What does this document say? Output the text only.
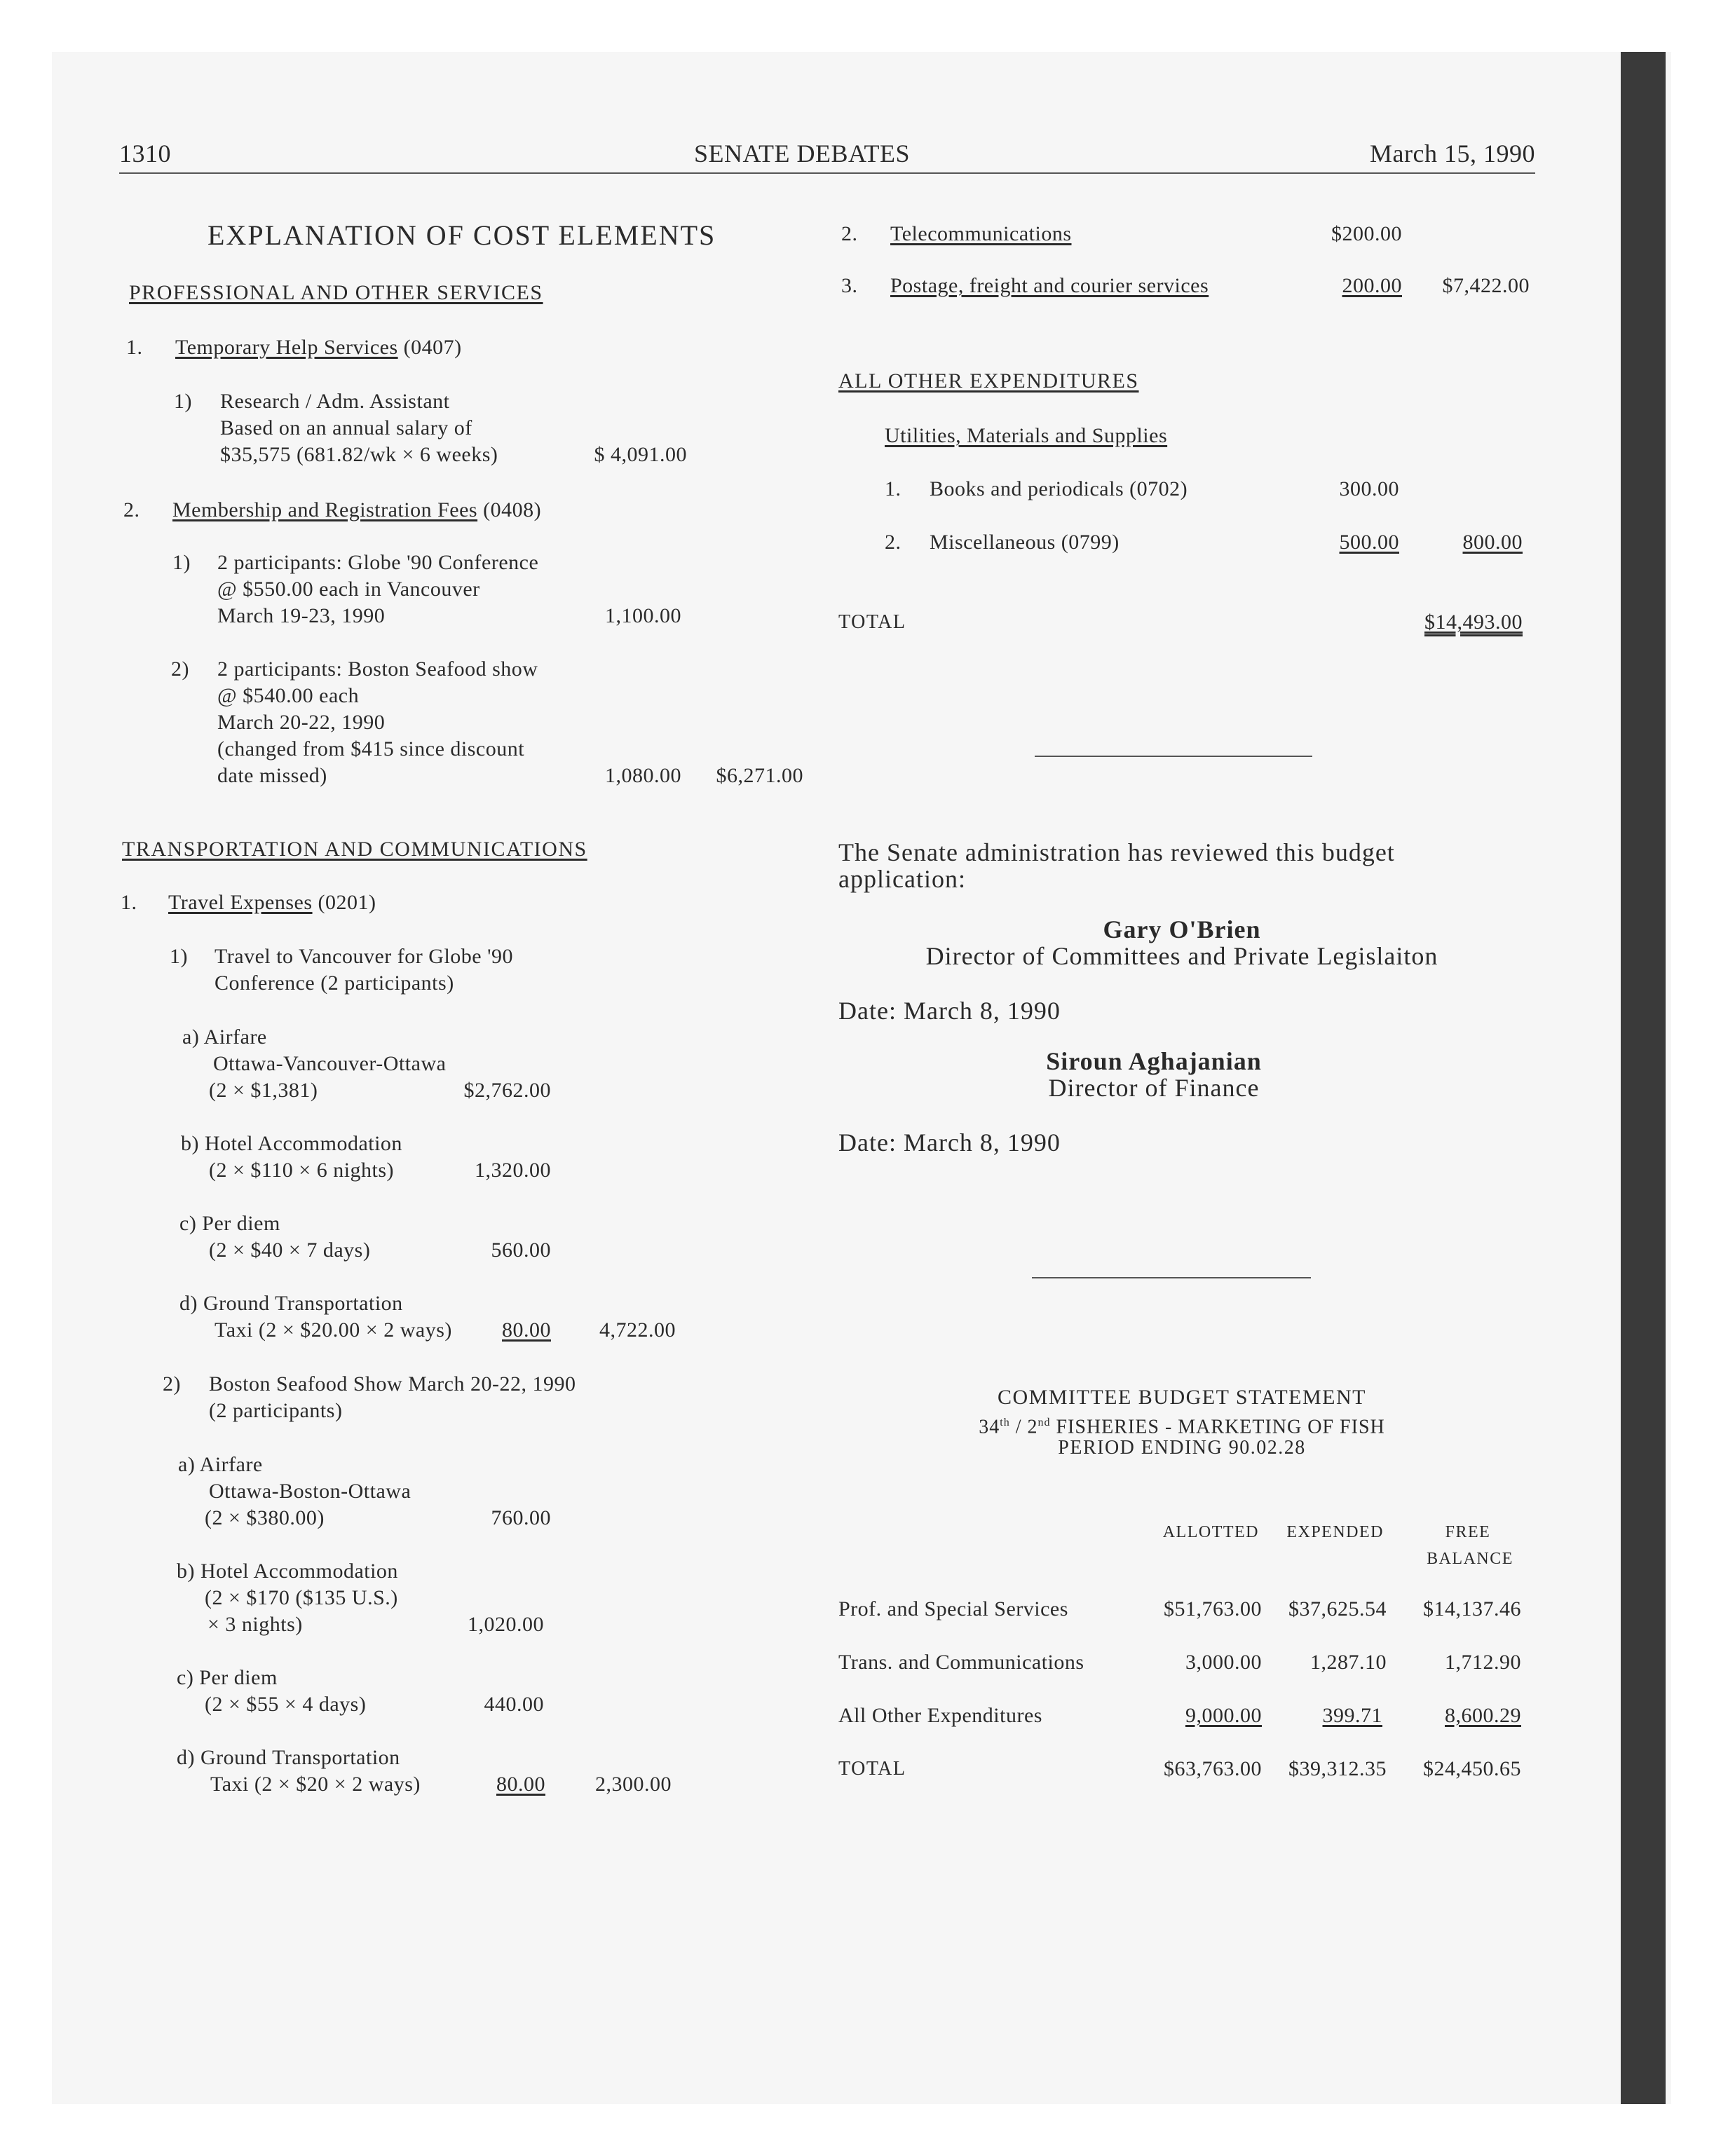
1310	SENATE DEBATES	March 15, 1990
EXPLANATION OF COST ELEMENTS
PROFESSIONAL AND OTHER SERVICES
1. Temporary Help Services (0407)
1) Research / Adm. Assistant
Based on an annual salary of
$35,575 (681.82/wk × 6 weeks)	$ 4,091.00
2. Membership and Registration Fees (0408)
1) 2 participants: Globe '90 Conference
@ $550.00 each in Vancouver
March 19-23, 1990	1,100.00
2) 2 participants: Boston Seafood show
@ $540.00 each
March 20-22, 1990
(changed from $415 since discount
date missed)	1,080.00	$6,271.00
TRANSPORTATION AND COMMUNICATIONS
1. Travel Expenses (0201)
1) Travel to Vancouver for Globe '90
Conference (2 participants)
a) Airfare
Ottawa-Vancouver-Ottawa
(2 × $1,381)	$2,762.00
b) Hotel Accommodation
(2 × $110 × 6 nights)	1,320.00
c) Per diem
(2 × $40 × 7 days)	560.00
d) Ground Transportation
Taxi (2 × $20.00 × 2 ways)	80.00	4,722.00
2) Boston Seafood Show March 20-22, 1990
(2 participants)
a) Airfare
Ottawa-Boston-Ottawa
(2 × $380.00)	760.00
b) Hotel Accommodation
(2 × $170 ($135 U.S.)
× 3 nights)	1,020.00
c) Per diem
(2 × $55 × 4 days)	440.00
d) Ground Transportation
Taxi (2 × $20 × 2 ways)	80.00	2,300.00
2. Telecommunications	$200.00
3. Postage, freight and courier services	200.00	$7,422.00
ALL OTHER EXPENDITURES
Utilities, Materials and Supplies
1. Books and periodicals (0702)	300.00
2. Miscellaneous (0799)	500.00	800.00
TOTAL	$14,493.00
The Senate administration has reviewed this budget
application:
Gary O'Brien
Director of Committees and Private Legislaiton
Date: March 8, 1990
Siroun Aghajanian
Director of Finance
Date: March 8, 1990
COMMITTEE BUDGET STATEMENT
34th / 2nd FISHERIES - MARKETING OF FISH
PERIOD ENDING 90.02.28
ALLOTTED	EXPENDED	FREE
BALANCE
Prof. and Special Services	$51,763.00	$37,625.54	$14,137.46
Trans. and Communications	3,000.00	1,287.10	1,712.90
All Other Expenditures	9,000.00	399.71	8,600.29
TOTAL	$63,763.00	$39,312.35	$24,450.65
